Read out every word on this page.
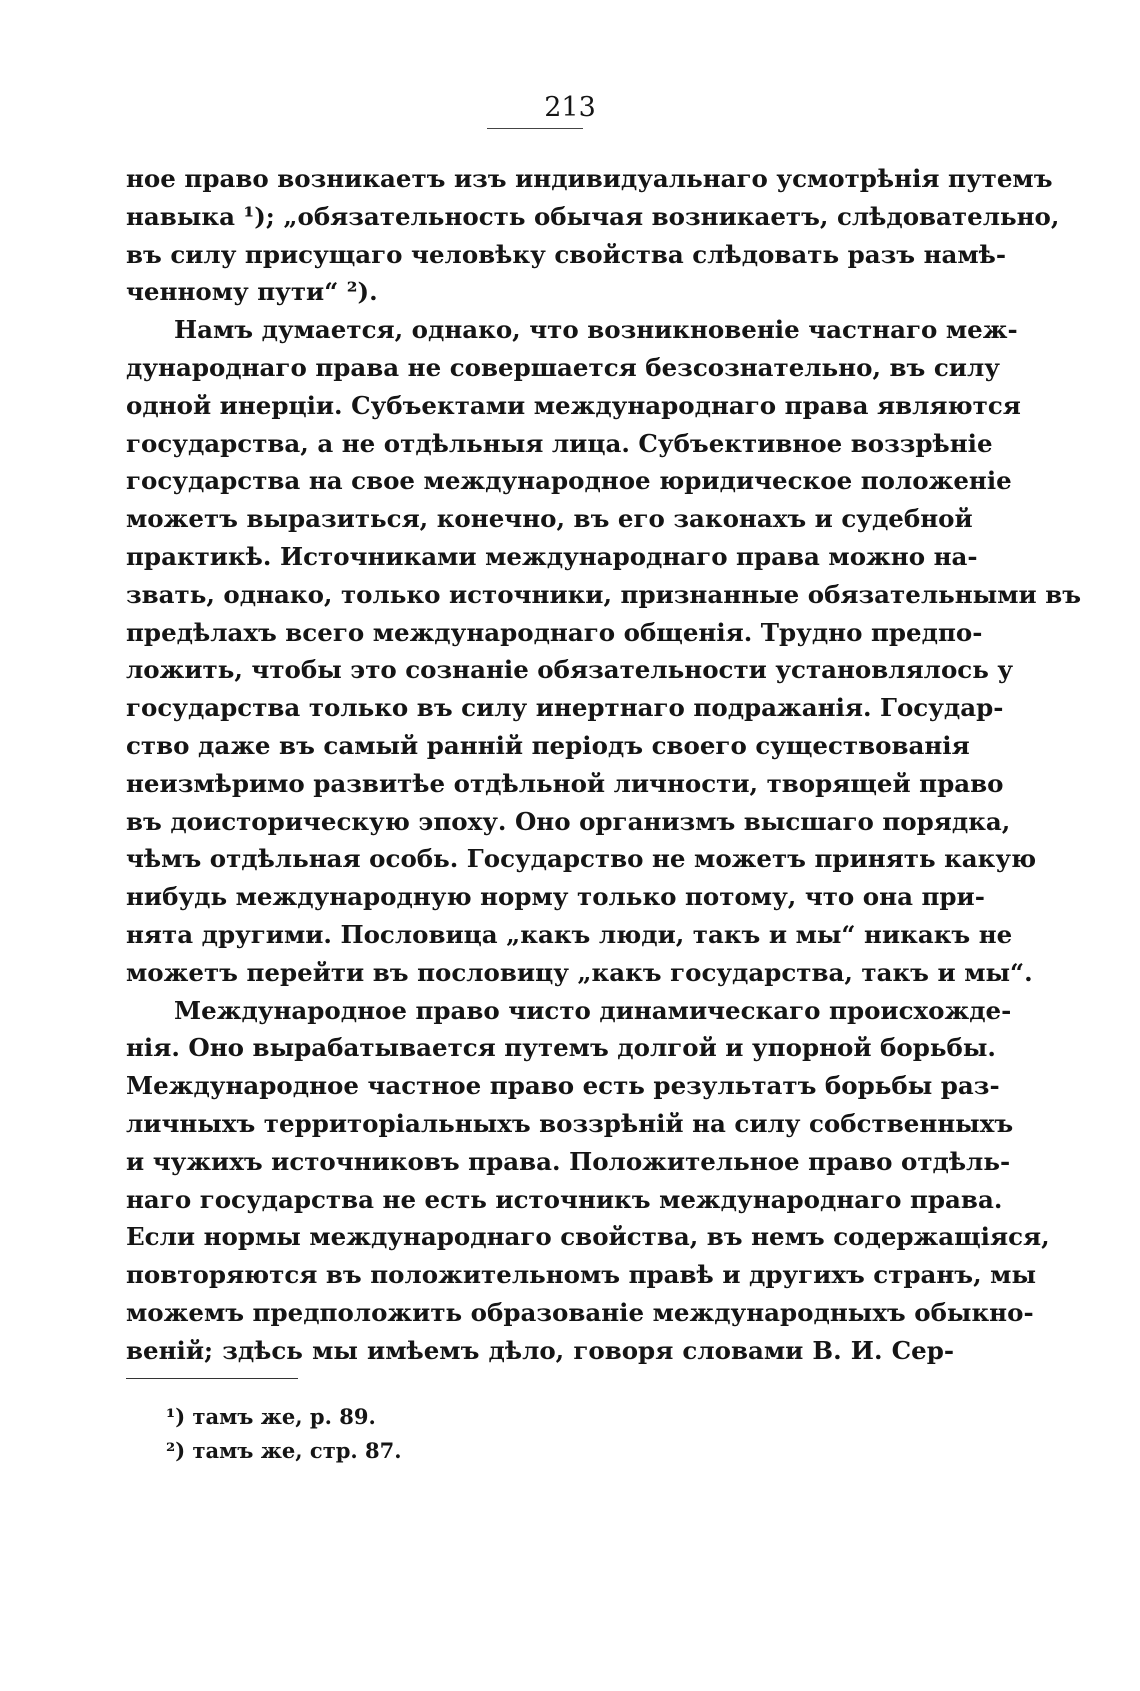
213
ное право возникаетъ изъ индивидуальнаго усмотрѣнія путемъ
навыка ¹); „обязательность обычая возникаетъ, слѣдовательно,
въ силу присущаго человѣку свойства слѣдовать разъ намѣ-
ченному пути“ ²).
Намъ думается, однако, что возникновеніе частнаго меж-
дународнаго права не совершается безсознательно, въ силу
одной инерціи. Субъектами международнаго права являются
государства, а не отдѣльныя лица. Субъективное воззрѣніе
государства на свое международное юридическое положеніе
можетъ выразиться, конечно, въ его законахъ и судебной
практикѣ. Источниками международнаго права можно на-
звать, однако, только источники, признанные обязательными въ
предѣлахъ всего международнаго общенія. Трудно предпо-
ложить, чтобы это сознаніе обязательности установлялось у
государства только въ силу инертнаго подражанія. Государ-
ство даже въ самый ранній періодъ своего существованія
неизмѣримо развитѣе отдѣльной личности, творящей право
въ доисторическую эпоху. Оно организмъ высшаго порядка,
чѣмъ отдѣльная особь. Государство не можетъ принять какую
нибудь международную норму только потому, что она при-
нята другими. Пословица „какъ люди, такъ и мы“ никакъ не
можетъ перейти въ пословицу „какъ государства, такъ и мы“.
Международное право чисто динамическаго происхожде-
нія. Оно вырабатывается путемъ долгой и упорной борьбы.
Международное частное право есть результатъ борьбы раз-
личныхъ территоріальныхъ воззрѣній на силу собственныхъ
и чужихъ источниковъ права. Положительное право отдѣль-
наго государства не есть источникъ международнаго права.
Если нормы международнаго свойства, въ немъ содержащіяся,
повторяются въ положительномъ правѣ и другихъ странъ, мы
можемъ предположить образованіе международныхъ обыкно-
веній; здѣсь мы имѣемъ дѣло, говоря словами В. И. Сер-
¹) тамъ же, p. 89.
²) тамъ же, стр. 87.
